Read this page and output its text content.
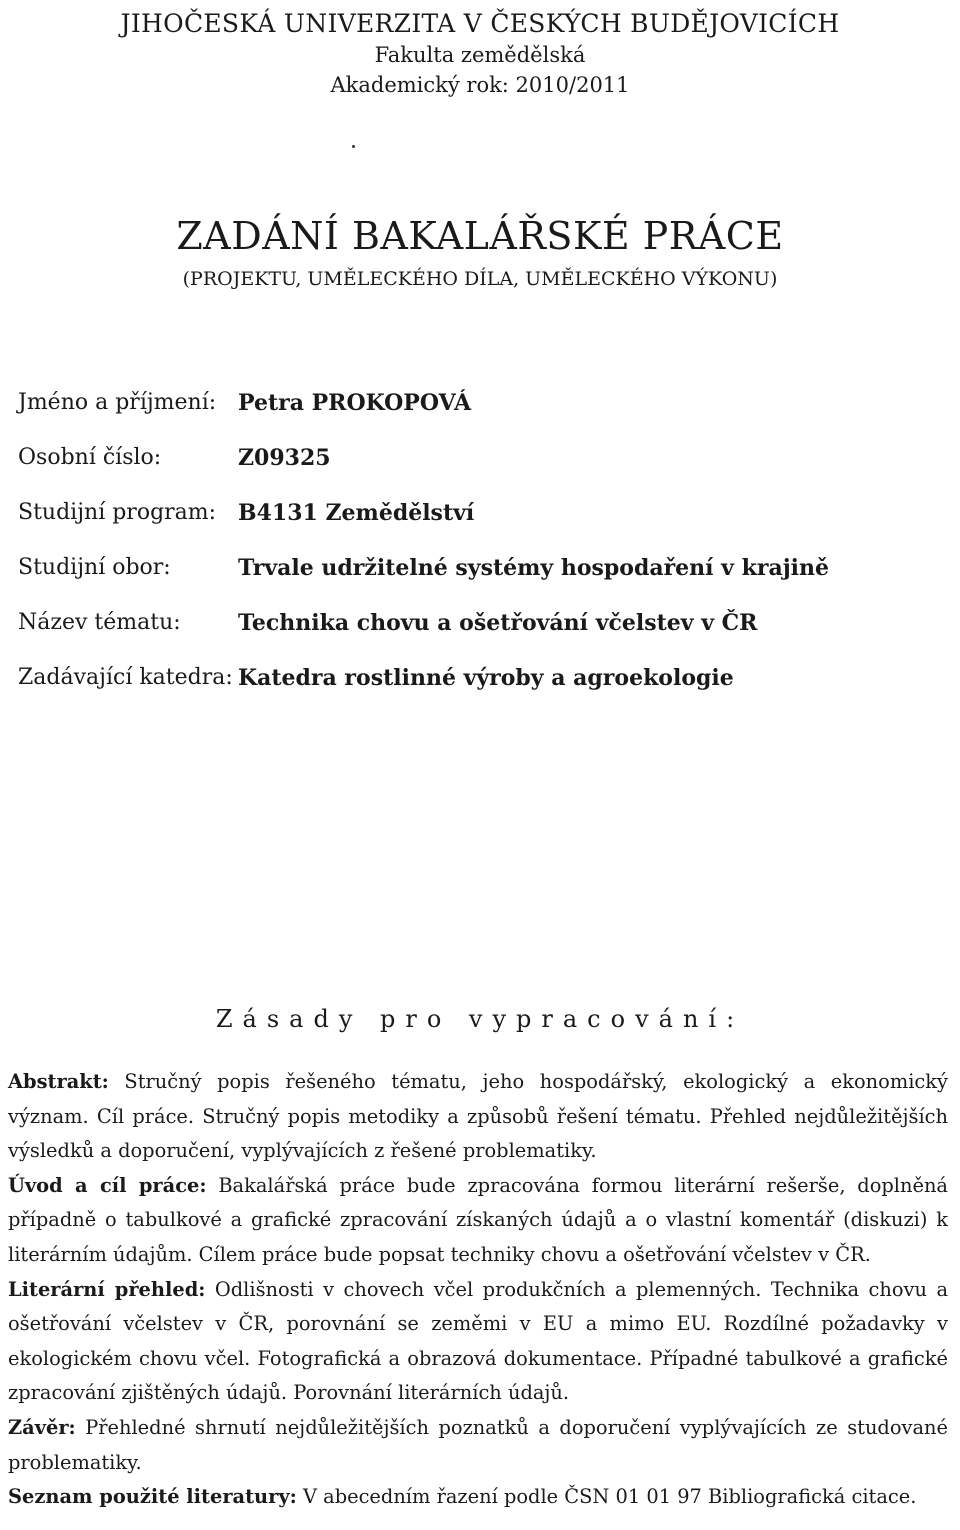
JIHOČESKÁ UNIVERZITA V ČESKÝCH BUDĚJOVICÍCH
Fakulta zemědělská
Akademický rok: 2010/2011
ZADÁNÍ BAKALÁŘSKÉ PRÁCE
(PROJEKTU, UMĚLECKÉHO DÍLA, UMĚLECKÉHO VÝKONU)
Jméno a příjmení: Petra PROKOPOVÁ
Osobní číslo:	Z09325
Studijní program: B4131 Zemědělství
Studijní obor:	Trvale udržitelné systémy hospodaření v krajině
Název tématu:	Technika chovu a ošetřování včelstev v ČR
Zadávající katedra: Katedra rostlinné výroby a agroekologie
Zásady pro vypracování:

Abstrakt: Stručný popis řešeného tématu, jeho hospodářský, ekologický a ekonomický význam. Cíl práce. Stručný popis metodiky a způsobů řešení tématu. Přehled nejdůležitějších výsledků a doporučení, vyplývajících z řešené problematiky.

Úvod a cíl práce: Bakalářská práce bude zpracována formou literární rešerše, doplněná případně o tabulkové a grafické zpracování získaných údajů a o vlastní komentář (diskuzi) k literárním údajům. Cílem práce bude popsat techniky chovu a ošetřování včelstev v ČR.

Literární přehled: Odlišnosti v chovech včel produkčních a plemenných. Technika chovu a ošetřování včelstev v ČR, porovnání se zeměmi v EU a mimo EU. Rozdílné požadavky v ekologickém chovu včel. Fotografická a obrazová dokumentace. Případné tabulkové a grafické zpracování zjištěných údajů. Porovnání literárních údajů.

Závěr: Přehledné shrnutí nejdůležitějších poznatků a doporučení vyplývajících ze studované problematiky.

Seznam použité literatury: V abecedním řazení podle ČSN 01 01 97 Bibliografická citace.
